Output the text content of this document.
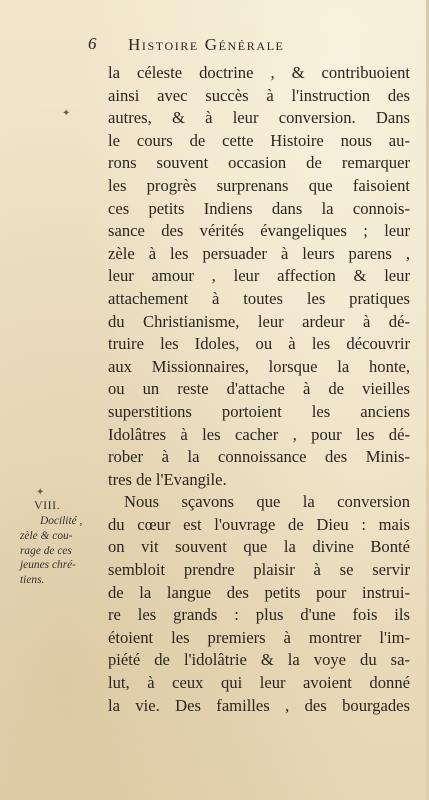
6 Histoire Générale
✦
✦
la céleste doctrine , & contribuoient
ainsi avec succès à l'instruction des
autres, & à leur conversion. Dans
le cours de cette Histoire nous au-
rons souvent occasion de remarquer
les progrès surprenans que faisoient
ces petits Indiens dans la connois-
sance des vérités évangeliques ; leur
zèle à les persuader à leurs parens ,
leur amour , leur affection & leur
attachement à toutes les pratiques
du Christianisme, leur ardeur à dé-
truire les Idoles, ou à les découvrir
aux Missionnaires, lorsque la honte,
ou un reste d'attache à de vieilles
superstitions portoient les anciens
Idolâtres à les cacher , pour les dé-
rober à la connoissance des Minis-
tres de l'Evangile.
Nous sçavons que la conversion
du cœur est l'ouvrage de Dieu : mais
on vit souvent que la divine Bonté
sembloit prendre plaisir à se servir
de la langue des petits pour instrui-
re les grands : plus d'une fois ils
étoient les premiers à montrer l'im-
piété de l'idolâtrie & la voye du sa-
lut, à ceux qui leur avoient donné
la vie. Des familles , des bourgades
VIII.
Docilité ,
zèle & cou-
rage de ces
jeunes chré-
tiens.
